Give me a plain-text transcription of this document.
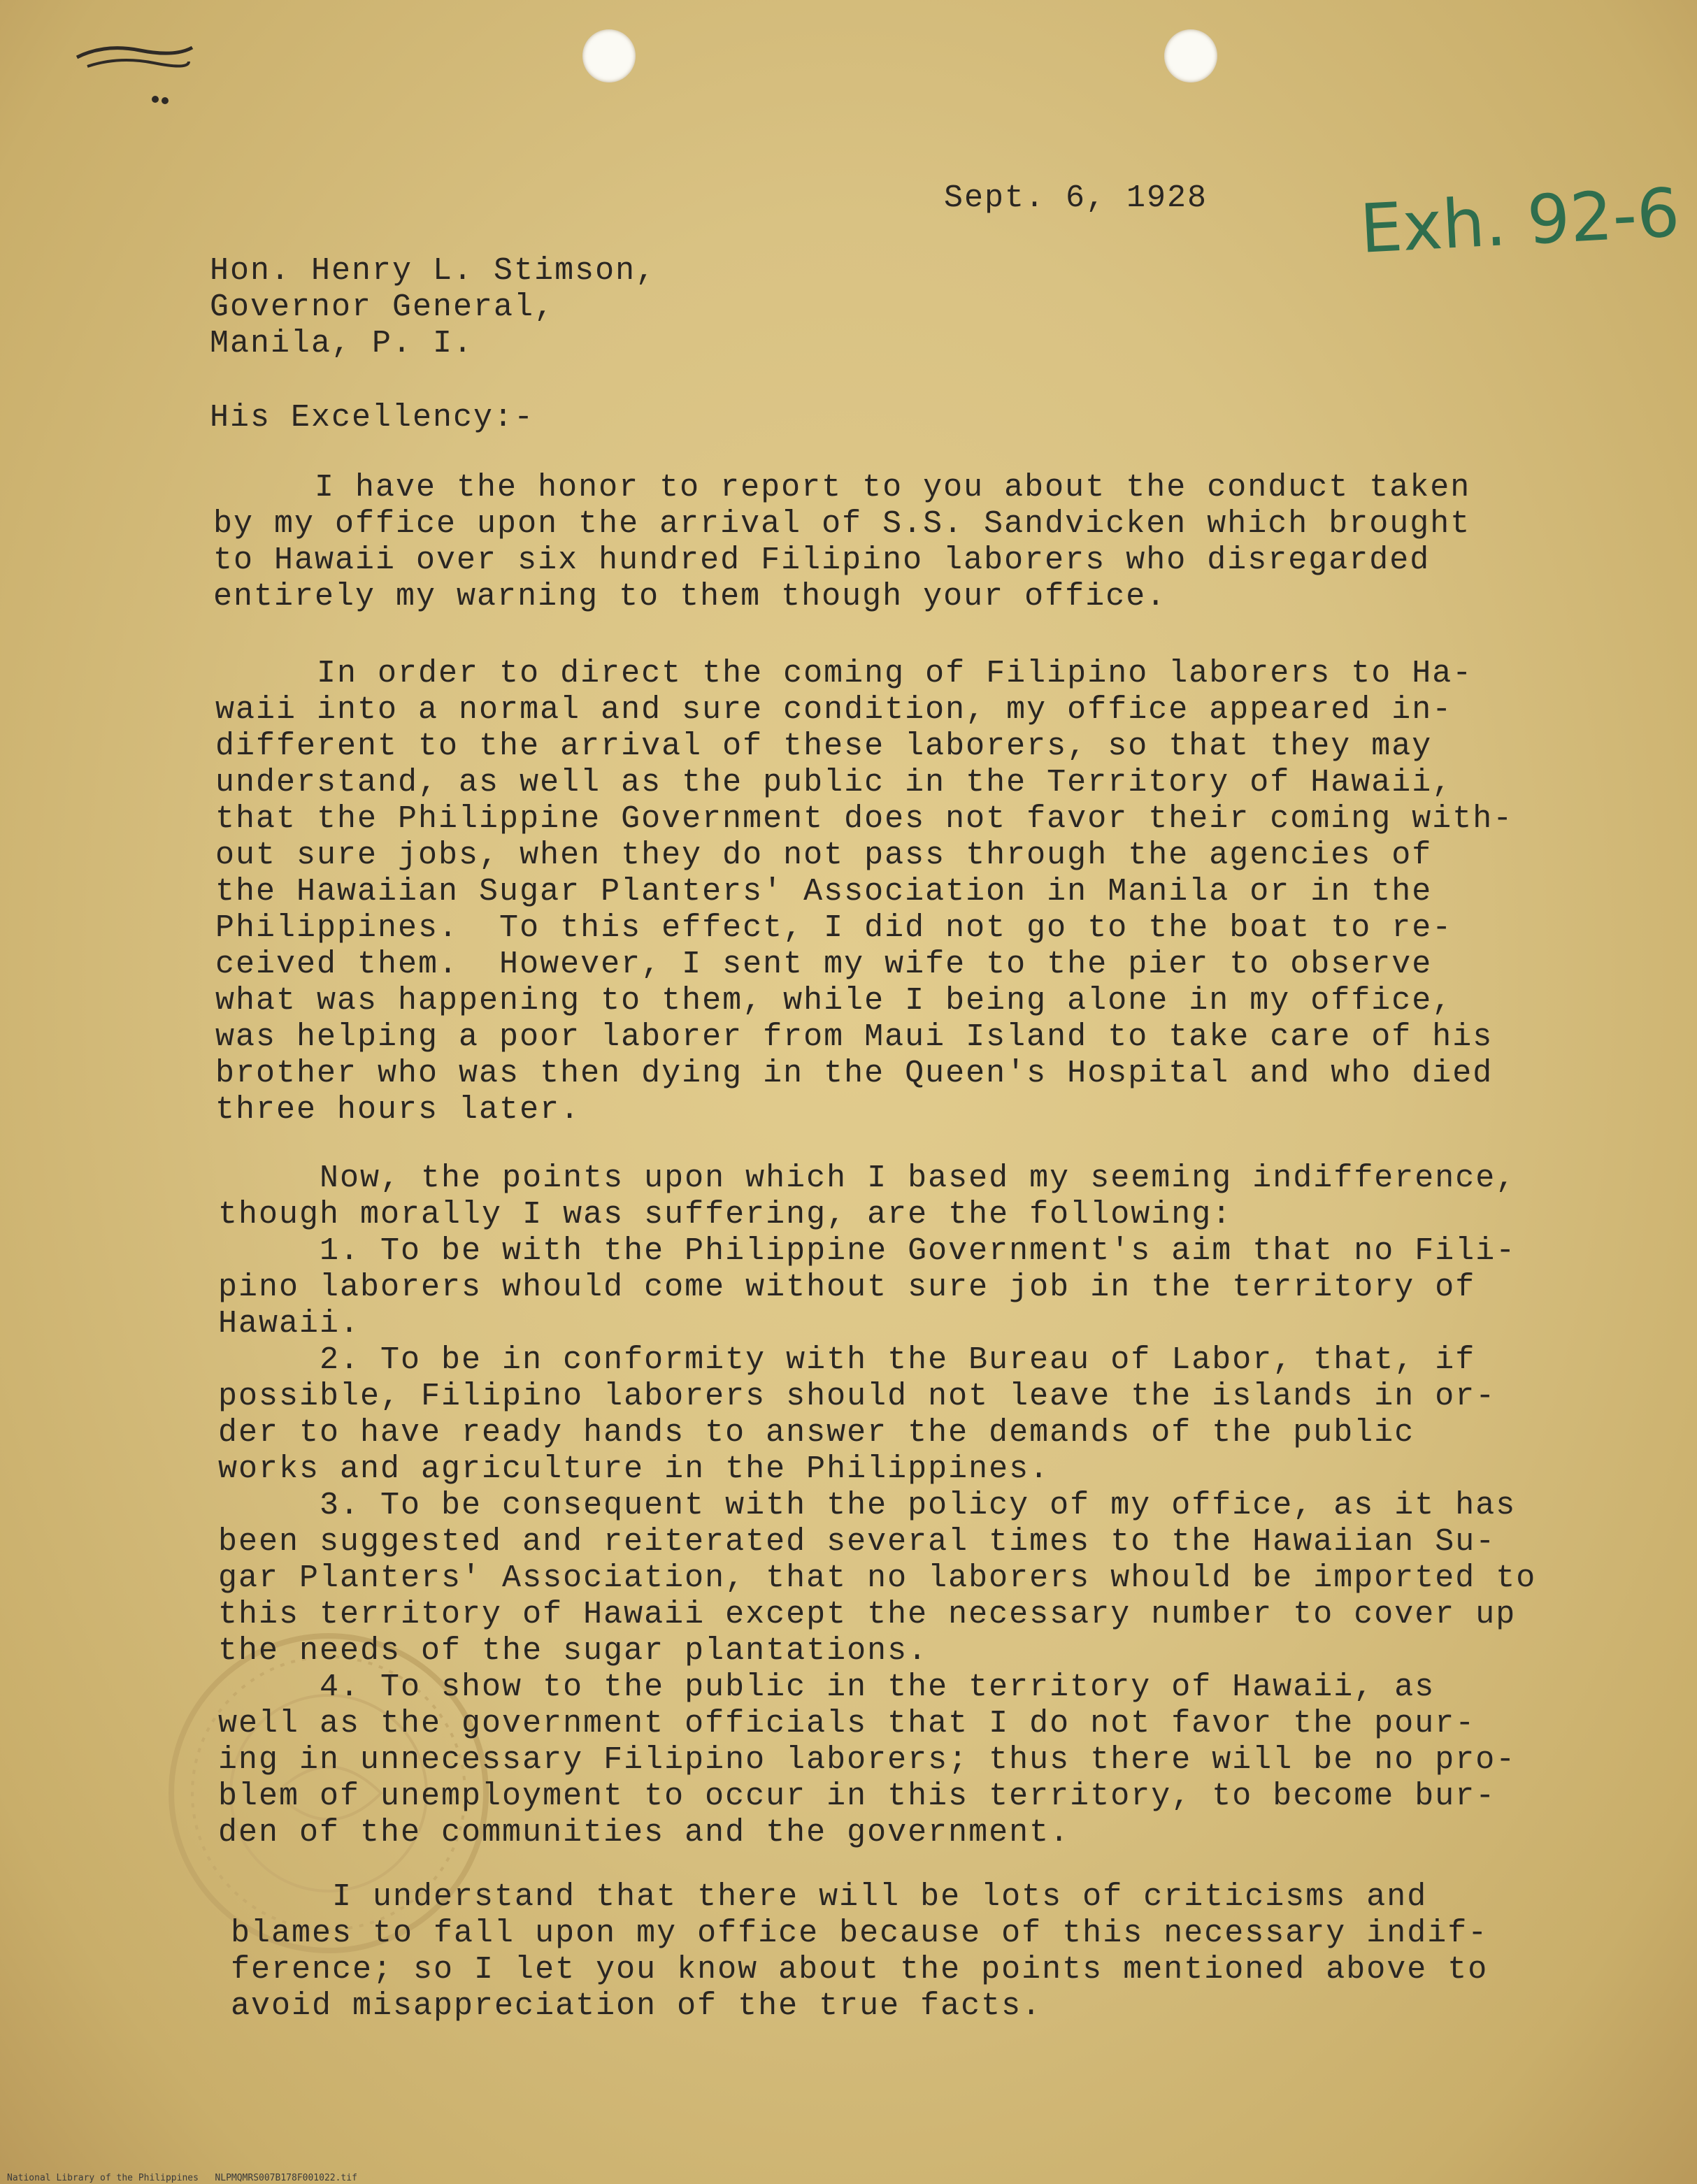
Sept. 6, 1928 Exh. 92-6

Hon. Henry L. Stimson,

Governor General,

Manila, P. I.

His Excellency:-

I have the honor to report to you about the conduct taken
by my office upon the arrival of S.S. Sandvicken which brought
to Hawaii over six hundred Filipino laborers who disregarded
entirely my warning to them though your office.

In order to direct the coming of Filipino laborers to Ha-
waii into a normal and sure condition, my office appeared in-
different to the arrival of these laborers, so that they may
understand, as well as the public in the Territory of Hawaii,
that the Philippine Government does not favor their coming with-
out sure jobs, when they do not pass through the agencies of
the Hawaiian Sugar Planters' Association in Manila or in the
Philippines.  To this effect, I did not go to the boat to re-
ceived them.  However, I sent my wife to the pier to observe
what was happening to them, while I being alone in my office,
was helping a poor laborer from Maui Island to take care of his
brother who was then dying in the Queen's Hospital and who died
three hours later.

Now, the points upon which I based my seeming indifference,
though morally I was suffering, are the following:
1. To be with the Philippine Government's aim that no Fili-
pino laborers whould come without sure job in the territory of
Hawaii.
2. To be in conformity with the Bureau of Labor, that, if
possible, Filipino laborers should not leave the islands in or-
der to have ready hands to answer the demands of the public
works and agriculture in the Philippines.
3. To be consequent with the policy of my office, as it has
been suggested and reiterated several times to the Hawaiian Su-
gar Planters' Association, that no laborers whould be imported to
this territory of Hawaii except the necessary number to cover up
the needs of the sugar plantations.
4. To show to the public in the territory of Hawaii, as
well as the government officials that I do not favor the pour-
ing in unnecessary Filipino laborers; thus there will be no pro-
blem of unemployment to occur in this territory, to become bur-
den of the communities and the government.

I understand that there will be lots of criticisms and
blames to fall upon my office because of this necessary indif-
ference; so I let you know about the points mentioned above to
avoid misappreciation of the true facts.

National Library of the Philippines   NLPMQMRS007B178F001022.tif
